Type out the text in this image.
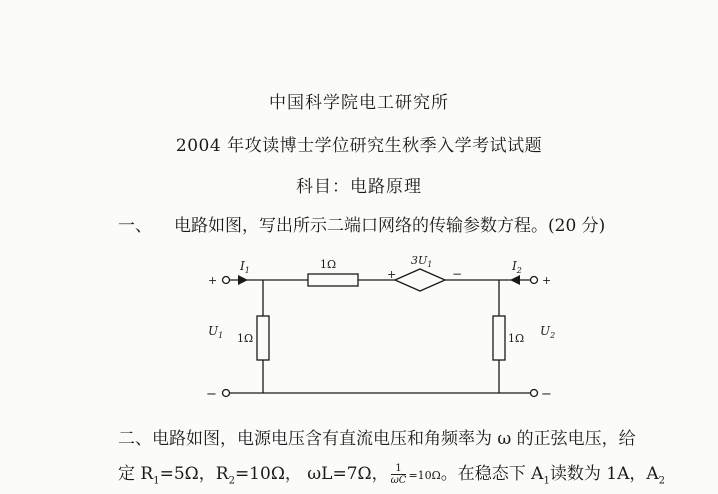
中国科学院电工研究所
2004 年攻读博士学位研究生秋季入学考试试题
科目：电路原理
一、 电路如图，写出所示二端口网络的传输参数方程。(20 分)
$I_1$	$I_2$
1Ω	$3U_1$
+	−
+
−
+
−
$U_1$	$U_2$
1Ω	1Ω
二、电路如图，电源电压含有直流电压和角频率为 ω 的正弦电压，给
定 $R_1=5\Omega$，$R_2=10\Omega$， ωL=7Ω， $\frac{1}{\omega C} =10\Omega$。在稳态下 $A_1$读数为 1A，$A_2$
